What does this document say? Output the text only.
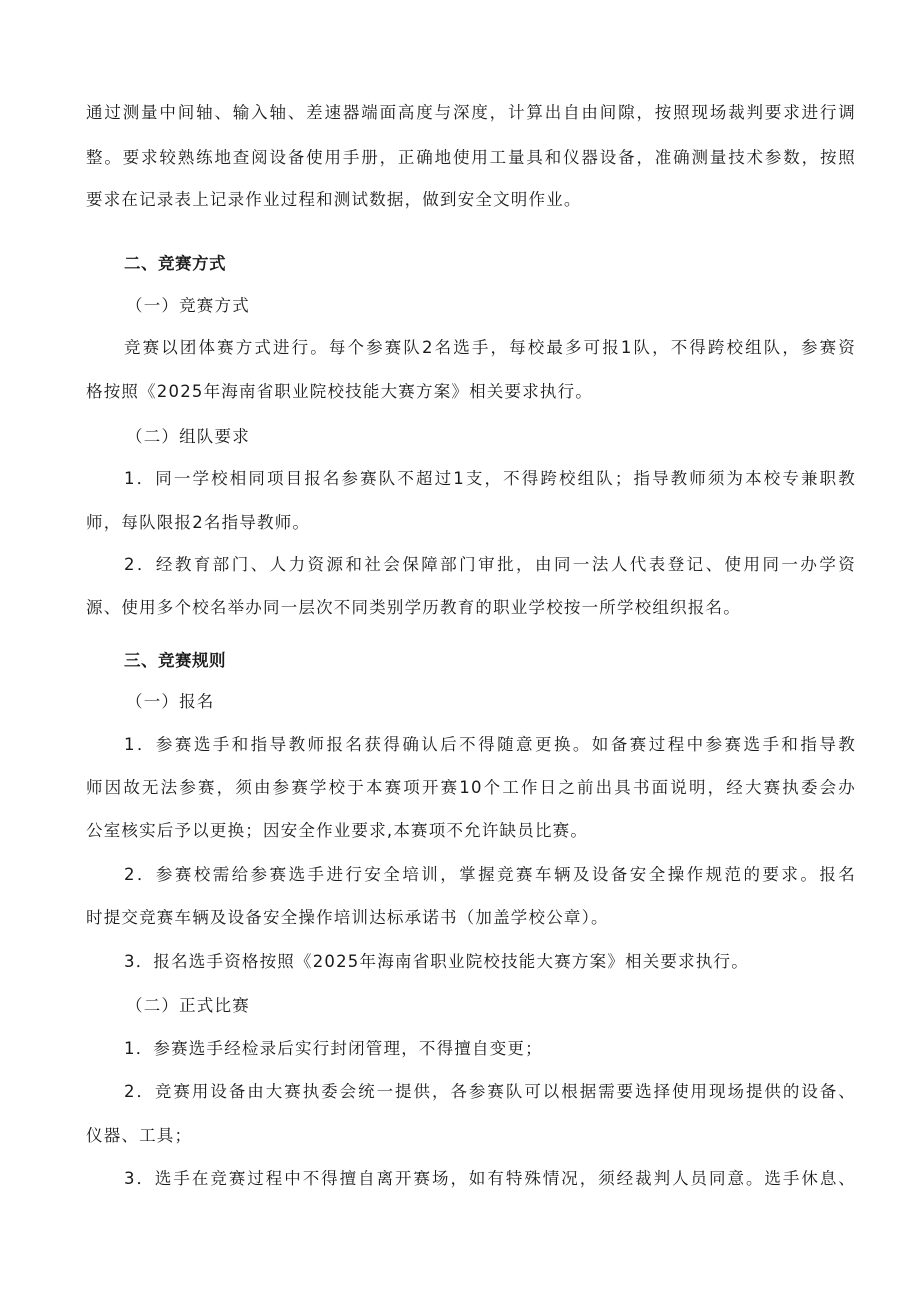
通过测量中间轴、输入轴、差速器端面高度与深度，计算出自由间隙，按照现场裁判要求进行调
整。要求较熟练地查阅设备使用手册，正确地使用工量具和仪器设备，准确测量技术参数，按照
要求在记录表上记录作业过程和测试数据，做到安全文明作业。
二、竞赛方式
（一）竞赛方式
竞赛以团体赛方式进行。每个参赛队2名选手，每校最多可报1队，不得跨校组队，参赛资
格按照《2025年海南省职业院校技能大赛方案》相关要求执行。
（二）组队要求
1．同一学校相同项目报名参赛队不超过1支，不得跨校组队；指导教师须为本校专兼职教
师，每队限报2名指导教师。
2．经教育部门、人力资源和社会保障部门审批，由同一法人代表登记、使用同一办学资
源、使用多个校名举办同一层次不同类别学历教育的职业学校按一所学校组织报名。
三、竞赛规则
（一）报名
1．参赛选手和指导教师报名获得确认后不得随意更换。如备赛过程中参赛选手和指导教
师因故无法参赛，须由参赛学校于本赛项开赛10个工作日之前出具书面说明，经大赛执委会办
公室核实后予以更换；因安全作业要求,本赛项不允许缺员比赛。
2．参赛校需给参赛选手进行安全培训，掌握竞赛车辆及设备安全操作规范的要求。报名
时提交竞赛车辆及设备安全操作培训达标承诺书（加盖学校公章）。
3．报名选手资格按照《2025年海南省职业院校技能大赛方案》相关要求执行。
（二）正式比赛
1．参赛选手经检录后实行封闭管理，不得擅自变更；
2．竞赛用设备由大赛执委会统一提供，各参赛队可以根据需要选择使用现场提供的设备、
仪器、工具；
3．选手在竞赛过程中不得擅自离开赛场，如有特殊情况，须经裁判人员同意。选手休息、
